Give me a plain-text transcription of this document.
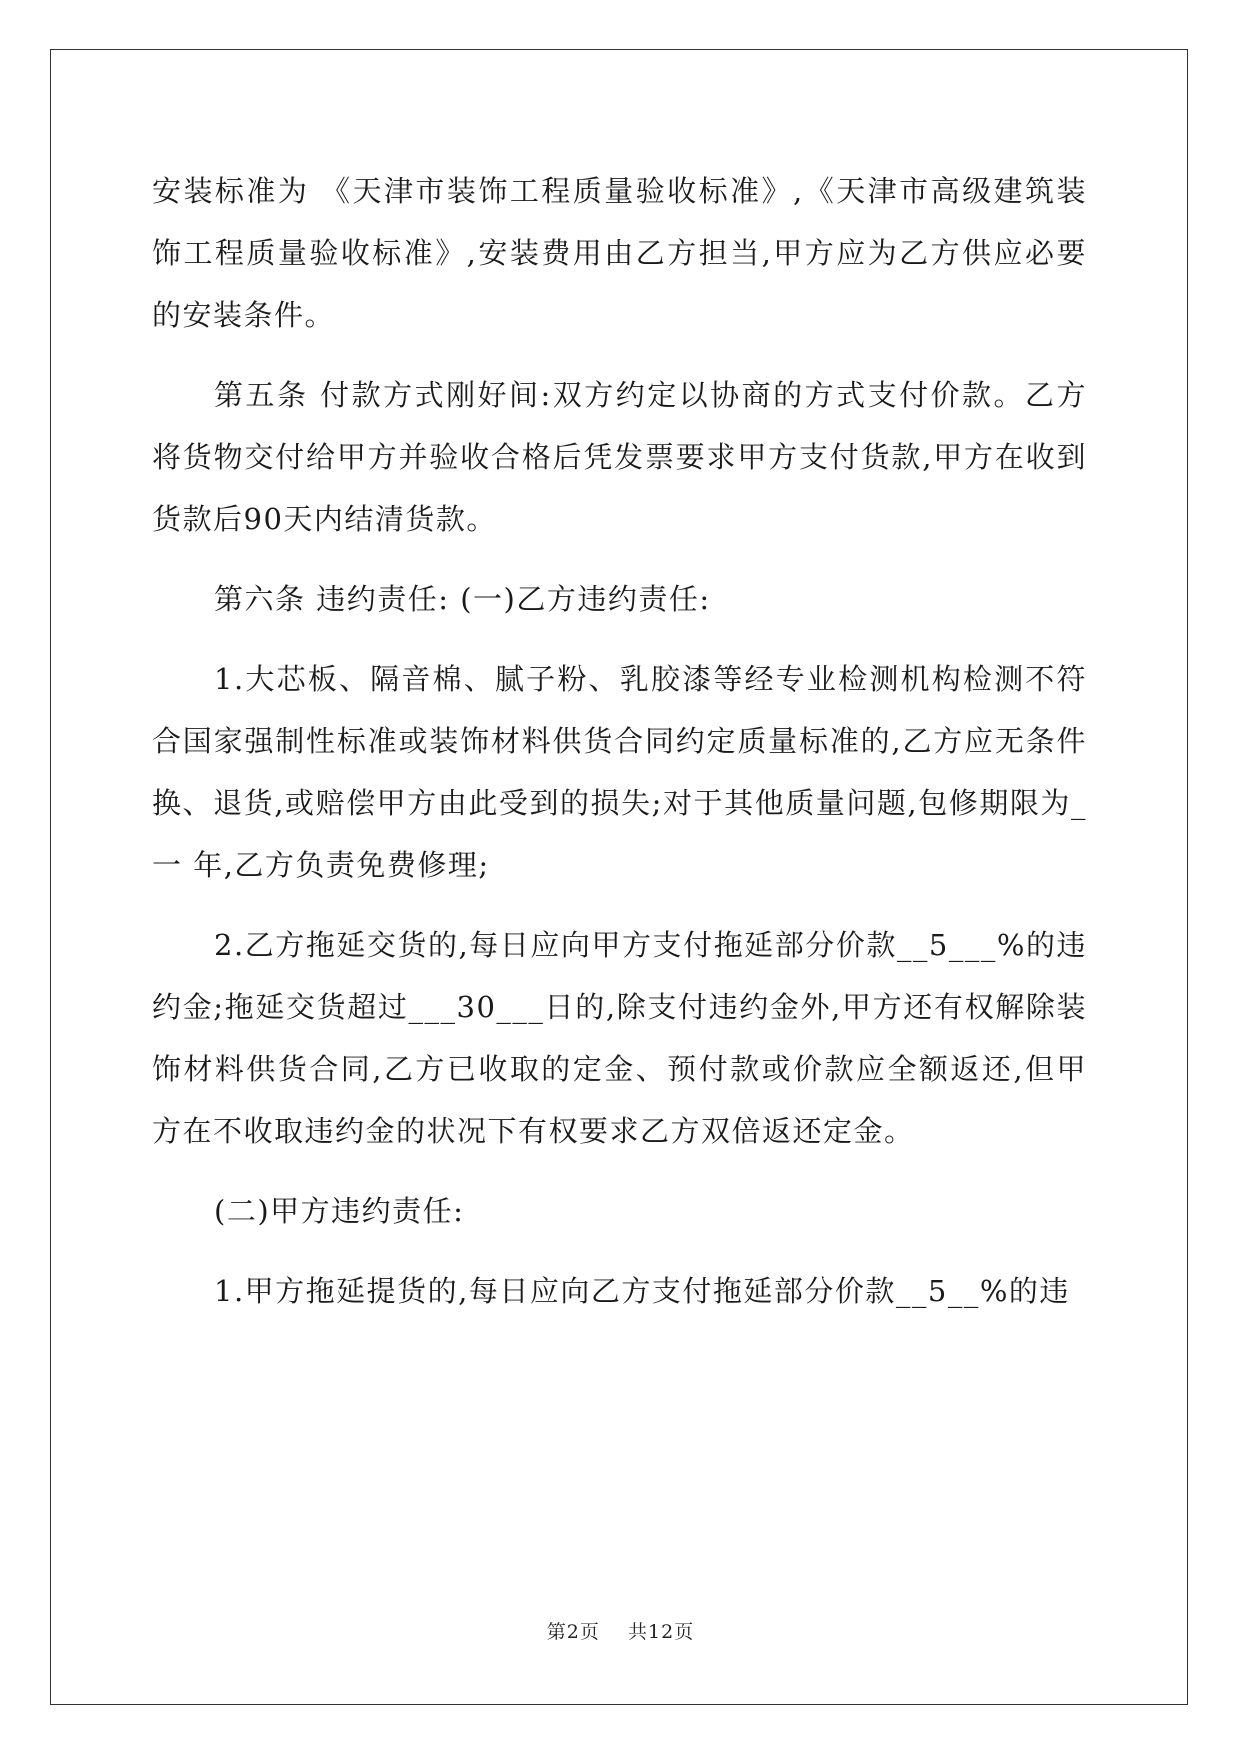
安装标准为 《天津市装饰工程质量验收标准》,《天津市高级建筑装饰工程质量验收标准》,安装费用由乙方担当,甲方应为乙方供应必要的安装条件。

第五条 付款方式刚好间:双方约定以协商的方式支付价款。乙方将货物交付给甲方并验收合格后凭发票要求甲方支付货款,甲方在收到货款后90天内结清货款。

第六条 违约责任: (一)乙方违约责任:

1.大芯板、隔音棉、腻子粉、乳胶漆等经专业检测机构检测不符合国家强制性标准或装饰材料供货合同约定质量标准的,乙方应无条件换、退货,或赔偿甲方由此受到的损失;对于其他质量问题,包修期限为_一 年,乙方负责免费修理;

2.乙方拖延交货的,每日应向甲方支付拖延部分价款__5___%的违约金;拖延交货超过___30___日的,除支付违约金外,甲方还有权解除装饰材料供货合同,乙方已收取的定金、预付款或价款应全额返还,但甲方在不收取违约金的状况下有权要求乙方双倍返还定金。

(二)甲方违约责任:

1.甲方拖延提货的,每日应向乙方支付拖延部分价款__5__%的违

第2页 共12页
